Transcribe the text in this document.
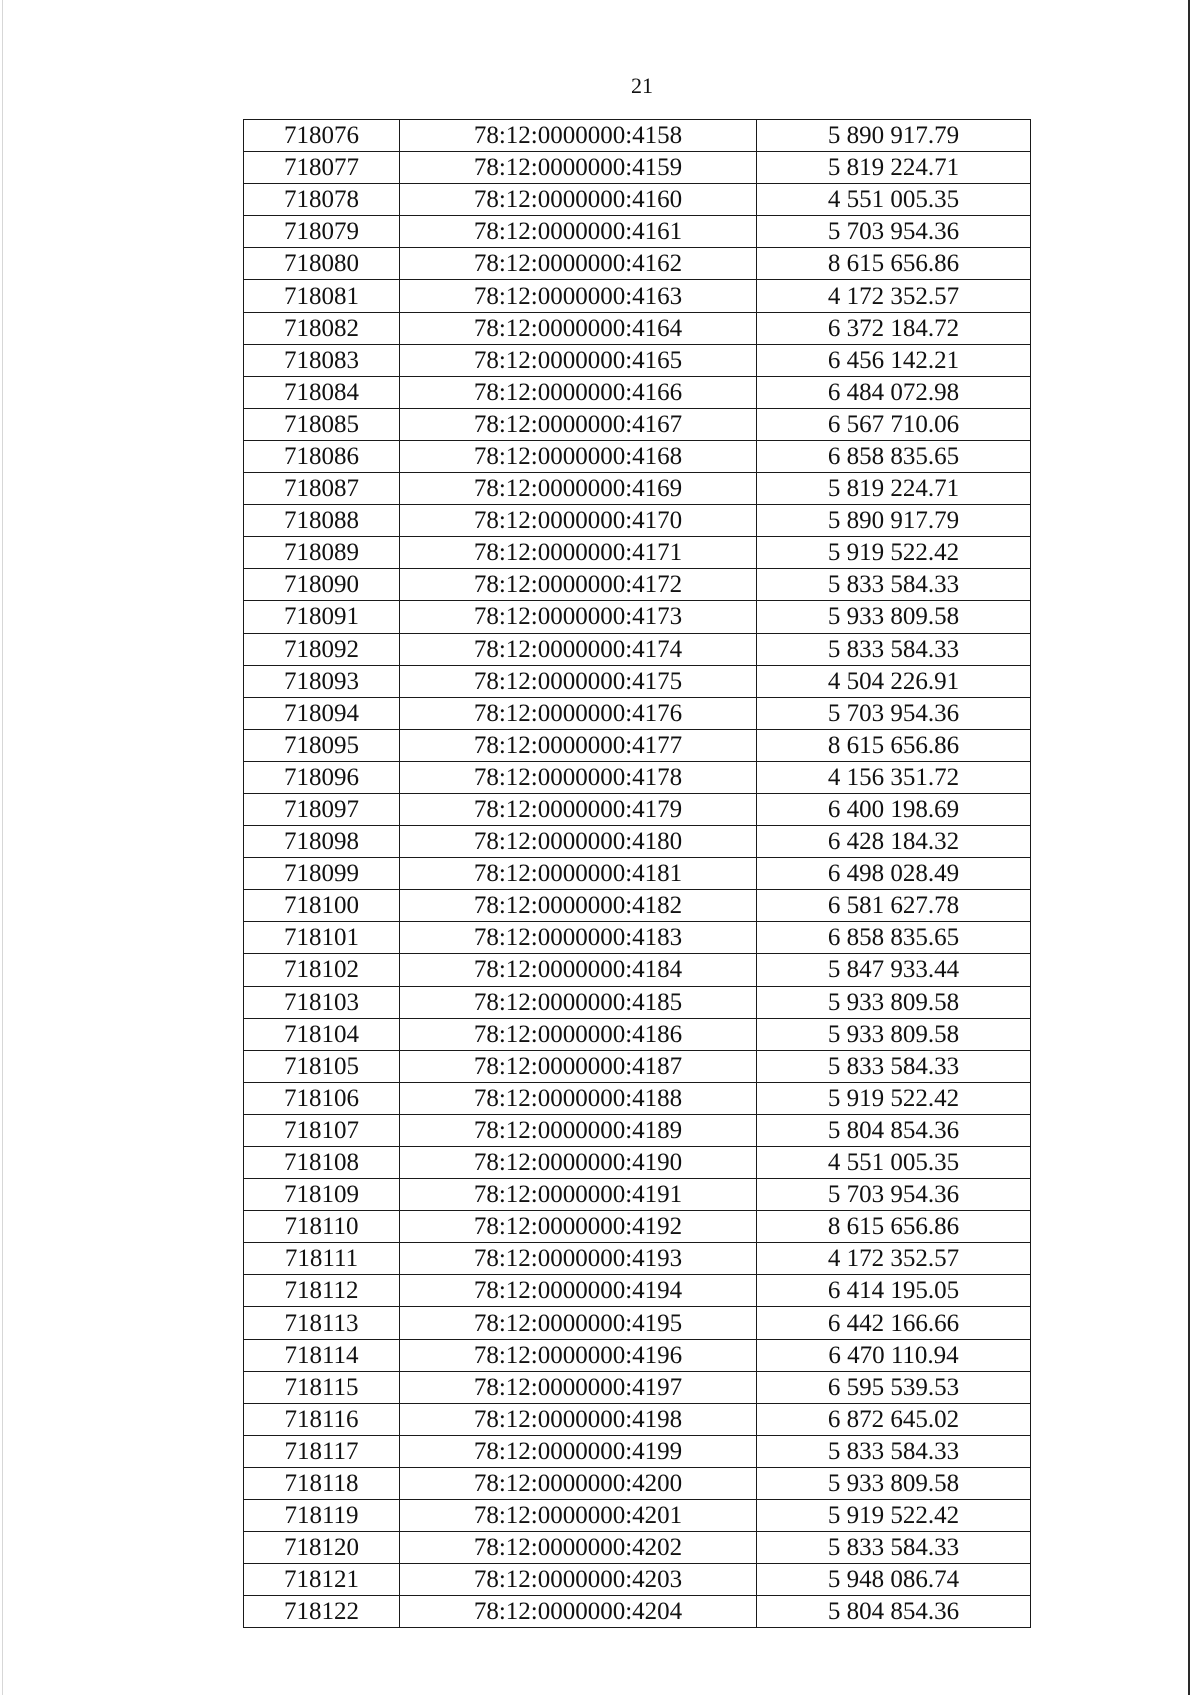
21
718076	78:12:0000000:4158	5 890 917.79
718077	78:12:0000000:4159	5 819 224.71
718078	78:12:0000000:4160	4 551 005.35
718079	78:12:0000000:4161	5 703 954.36
718080	78:12:0000000:4162	8 615 656.86
718081	78:12:0000000:4163	4 172 352.57
718082	78:12:0000000:4164	6 372 184.72
718083	78:12:0000000:4165	6 456 142.21
718084	78:12:0000000:4166	6 484 072.98
718085	78:12:0000000:4167	6 567 710.06
718086	78:12:0000000:4168	6 858 835.65
718087	78:12:0000000:4169	5 819 224.71
718088	78:12:0000000:4170	5 890 917.79
718089	78:12:0000000:4171	5 919 522.42
718090	78:12:0000000:4172	5 833 584.33
718091	78:12:0000000:4173	5 933 809.58
718092	78:12:0000000:4174	5 833 584.33
718093	78:12:0000000:4175	4 504 226.91
718094	78:12:0000000:4176	5 703 954.36
718095	78:12:0000000:4177	8 615 656.86
718096	78:12:0000000:4178	4 156 351.72
718097	78:12:0000000:4179	6 400 198.69
718098	78:12:0000000:4180	6 428 184.32
718099	78:12:0000000:4181	6 498 028.49
718100	78:12:0000000:4182	6 581 627.78
718101	78:12:0000000:4183	6 858 835.65
718102	78:12:0000000:4184	5 847 933.44
718103	78:12:0000000:4185	5 933 809.58
718104	78:12:0000000:4186	5 933 809.58
718105	78:12:0000000:4187	5 833 584.33
718106	78:12:0000000:4188	5 919 522.42
718107	78:12:0000000:4189	5 804 854.36
718108	78:12:0000000:4190	4 551 005.35
718109	78:12:0000000:4191	5 703 954.36
718110	78:12:0000000:4192	8 615 656.86
718111	78:12:0000000:4193	4 172 352.57
718112	78:12:0000000:4194	6 414 195.05
718113	78:12:0000000:4195	6 442 166.66
718114	78:12:0000000:4196	6 470 110.94
718115	78:12:0000000:4197	6 595 539.53
718116	78:12:0000000:4198	6 872 645.02
718117	78:12:0000000:4199	5 833 584.33
718118	78:12:0000000:4200	5 933 809.58
718119	78:12:0000000:4201	5 919 522.42
718120	78:12:0000000:4202	5 833 584.33
718121	78:12:0000000:4203	5 948 086.74
718122	78:12:0000000:4204	5 804 854.36
